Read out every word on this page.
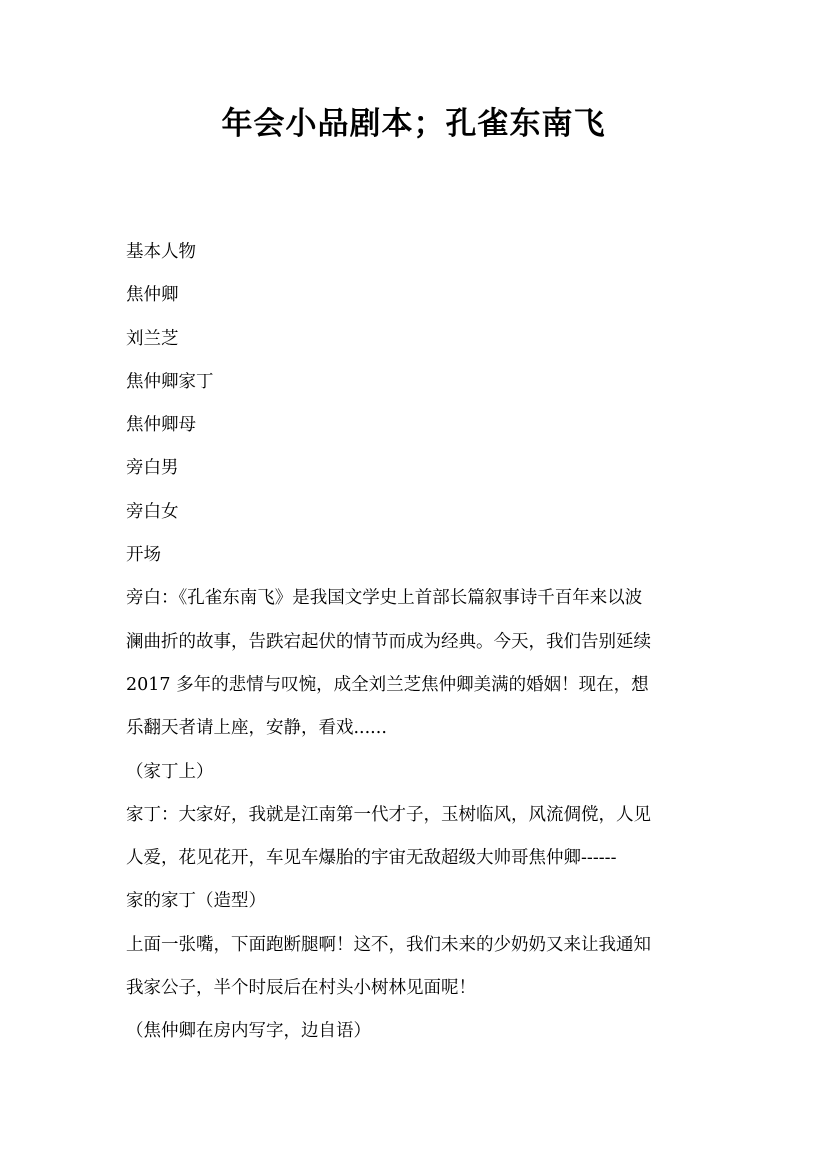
年会小品剧本；孔雀东南飞

基本人物

焦仲卿

刘兰芝

焦仲卿家丁

焦仲卿母

旁白男

旁白女

开场

旁白：《孔雀东南飞》是我国文学史上首部长篇叙事诗千百年来以波

澜曲折的故事，告跌宕起伏的情节而成为经典。今天，我们告别延续

2017 多年的悲情与叹惋，成全刘兰芝焦仲卿美满的婚姻！现在，想

乐翻天者请上座，安静，看戏......

（家丁上）

家丁：大家好，我就是江南第一代才子，玉树临风，风流倜傥，人见

人爱，花见花开，车见车爆胎的宇宙无敌超级大帅哥焦仲卿------

家的家丁（造型）

上面一张嘴，下面跑断腿啊！这不，我们未来的少奶奶又来让我通知

我家公子，半个时辰后在村头小树林见面呢！

（焦仲卿在房内写字，边自语）
